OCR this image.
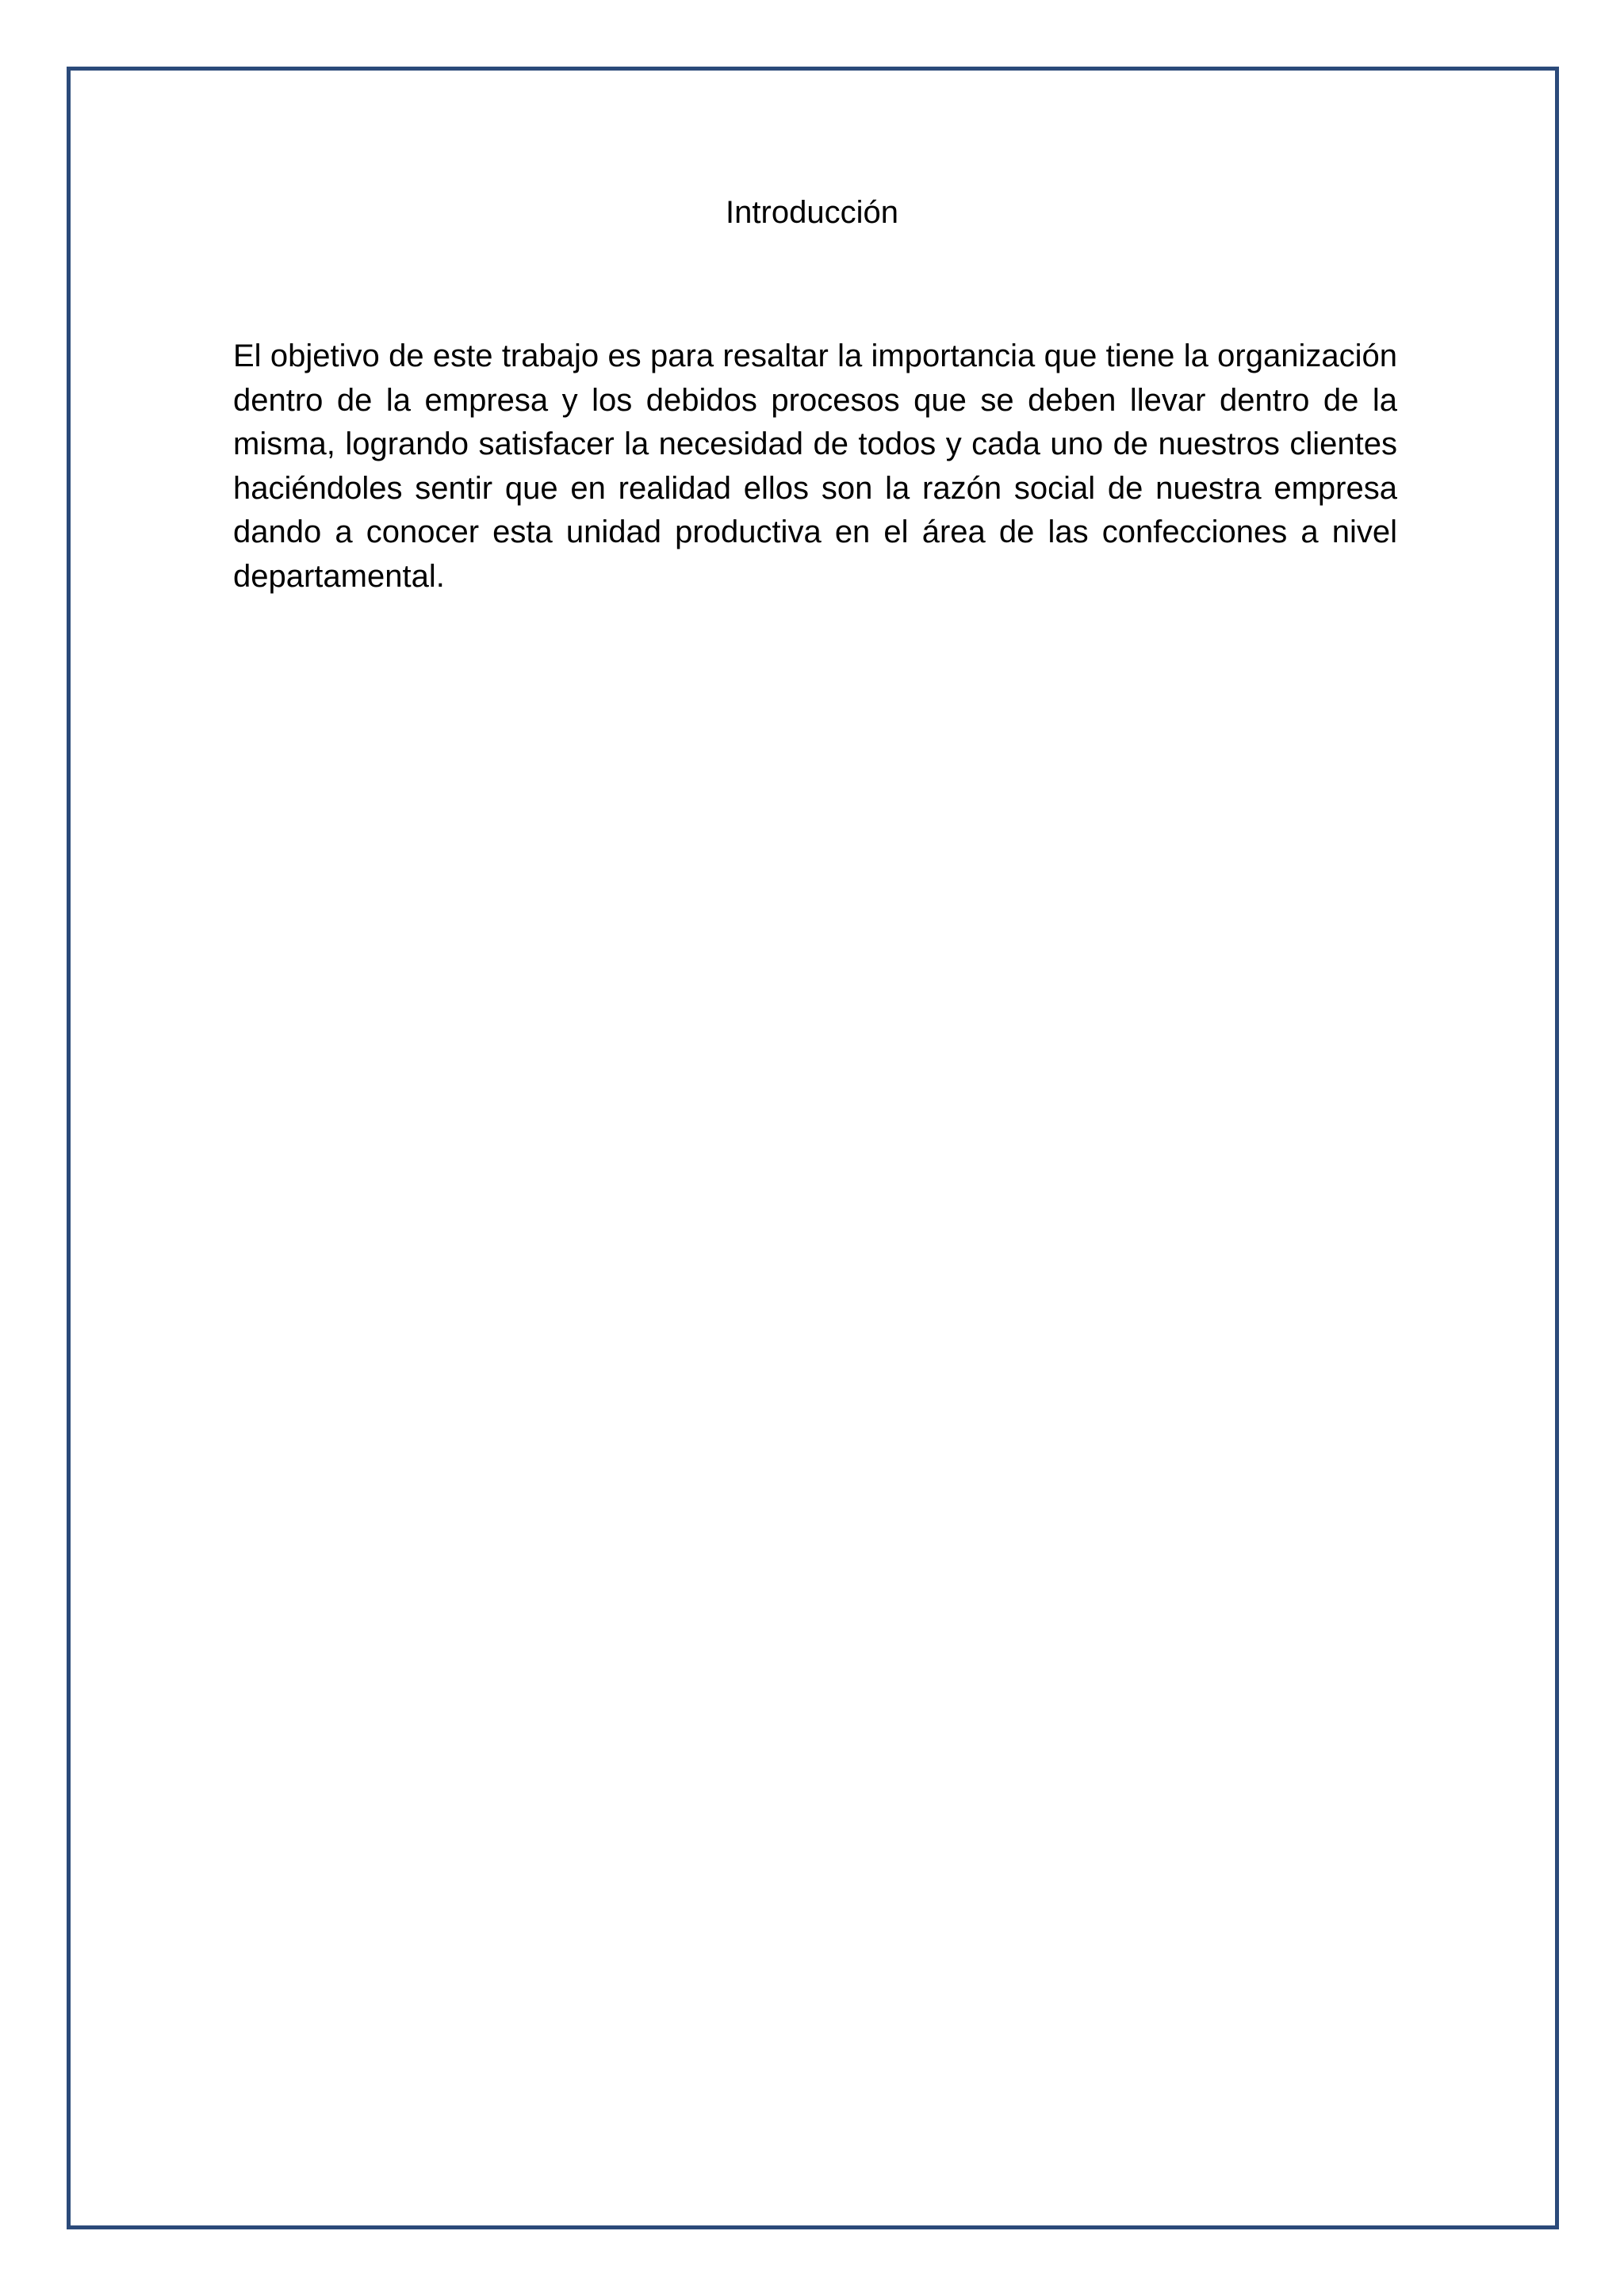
Introducción

El objetivo de este trabajo es para resaltar la importancia que tiene la organización dentro de la empresa y los debidos procesos que se deben llevar dentro de la misma, logrando satisfacer la necesidad de todos y cada uno de nuestros clientes haciéndoles sentir que en realidad ellos son la razón social de nuestra empresa dando a conocer esta unidad productiva en el área de las confecciones a nivel departamental.
